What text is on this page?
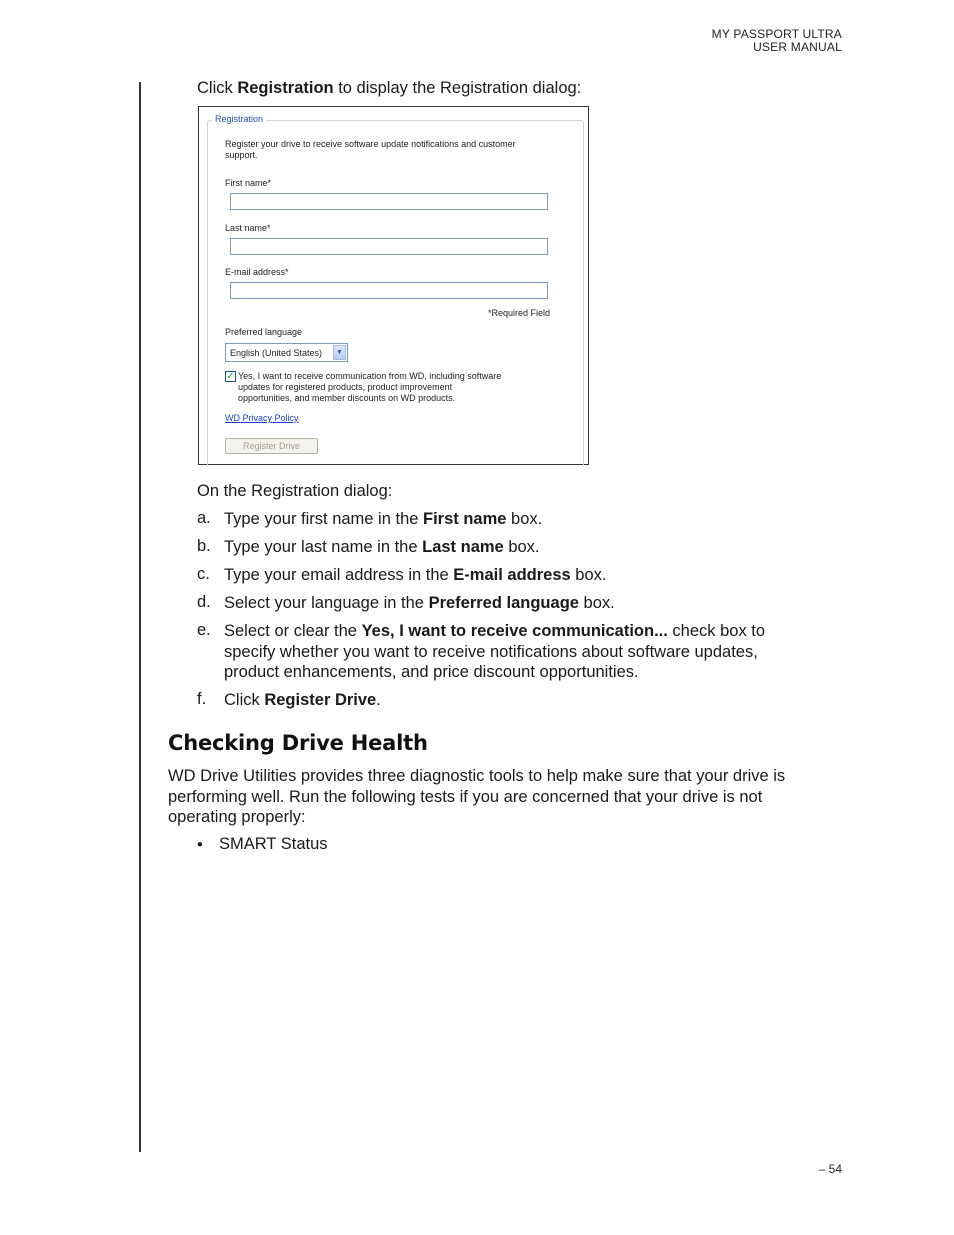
MY PASSPORT ULTRA
USER MANUAL
Click Registration to display the Registration dialog:
Registration
Register your drive to receive software update notifications and customer
support.
First name*
Last name*
E-mail address*
*Required Field
Preferred language
English (United States)	▼
✓ Yes, I want to receive communication from WD, including software
updates for registered products, product improvement
opportunities, and member discounts on WD products.
WD Privacy Policy
Register Drive
On the Registration dialog:
a. Type your first name in the First name box.
b. Type your last name in the Last name box.
c. Type your email address in the E-mail address box.
d. Select your language in the Preferred language box.
e. Select or clear the Yes, I want to receive communication... check box to specify whether you want to receive notifications about software updates, product enhancements, and price discount opportunities.
f. Click Register Drive.
Checking Drive Health
WD Drive Utilities provides three diagnostic tools to help make sure that your drive is performing well. Run the following tests if you are concerned that your drive is not operating properly:
• SMART Status
– 54
